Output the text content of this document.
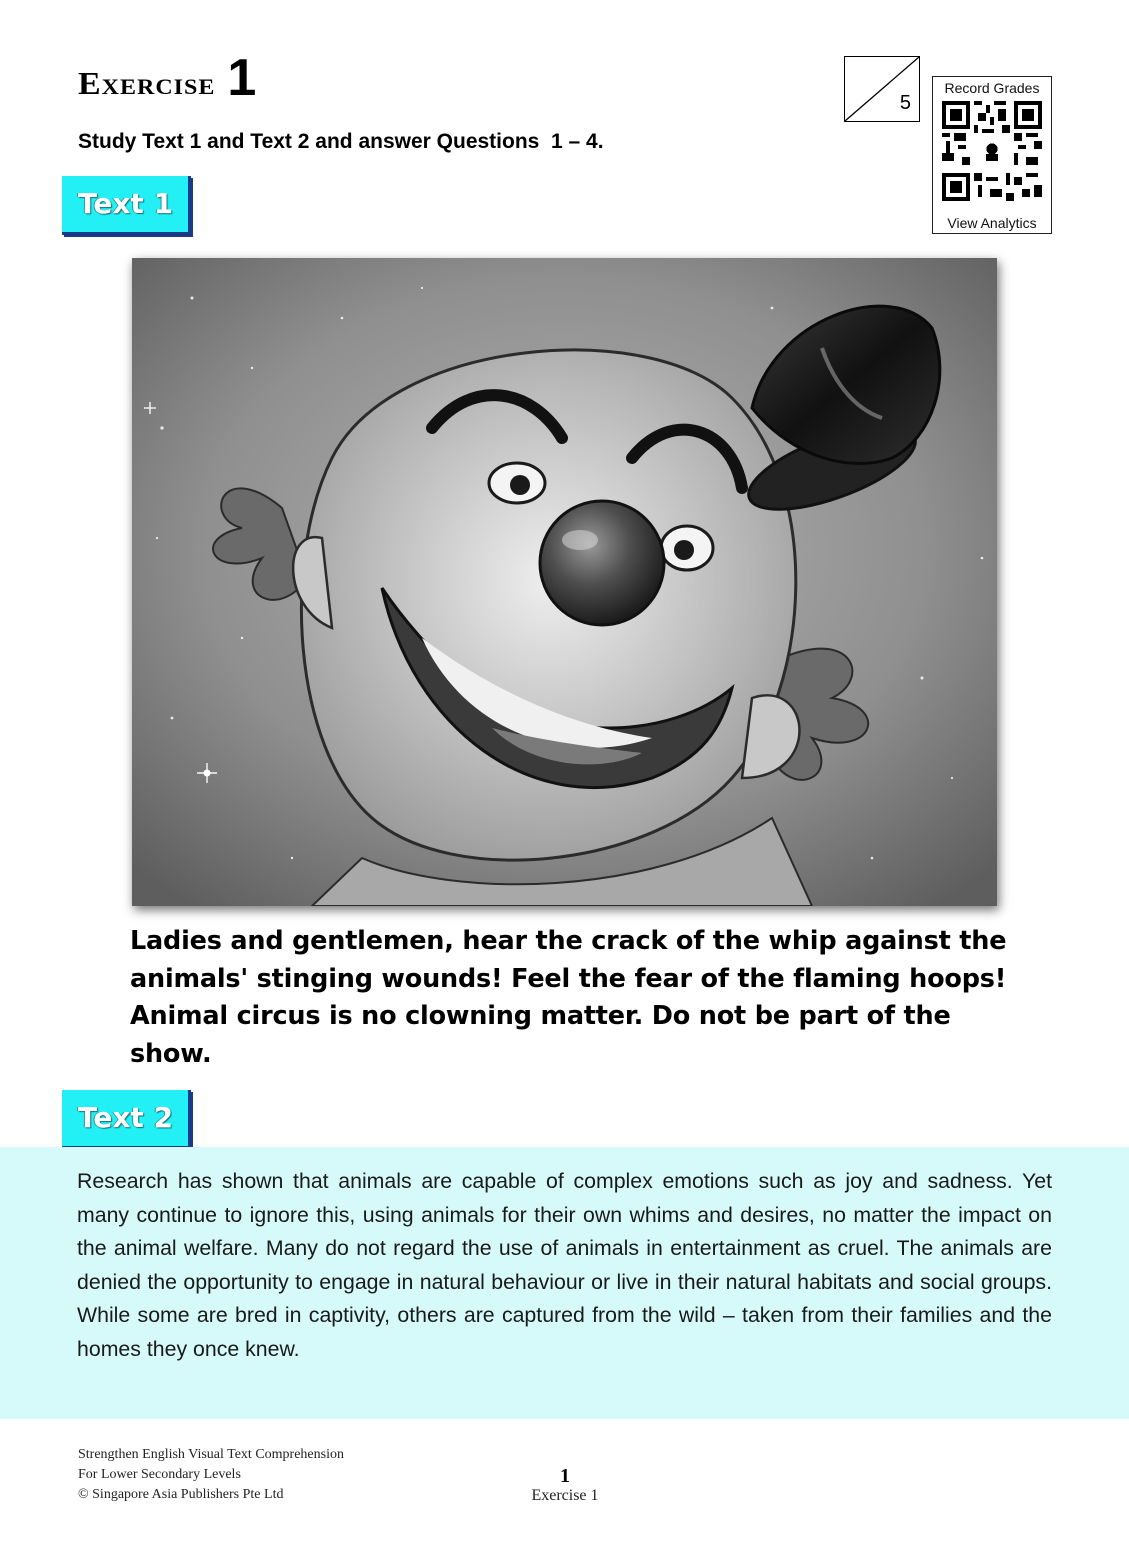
Exercise 1
Study Text 1 and Text 2 and answer Questions  1 – 4.
5
Record Grades
View Analytics
Text 1
Ladies and gentlemen, hear the crack of the whip against the animals' stinging wounds! Feel the fear of the flaming hoops! Animal circus is no clowning matter. Do not be part of the show.
Text 2

Research has shown that animals are capable of complex emotions such as joy and sadness. Yet many continue to ignore this, using animals for their own whims and desires, no matter the impact on the animal welfare. Many do not regard the use of animals in entertainment as cruel. The animals are denied the opportunity to engage in natural behaviour or live in their natural habitats and social groups. While some are bred in captivity, others are captured from the wild – taken from their families and the homes they once knew.

Strengthen English Visual Text Comprehension
For Lower Secondary Levels
© Singapore Asia Publishers Pte Ltd
1
Exercise 1
